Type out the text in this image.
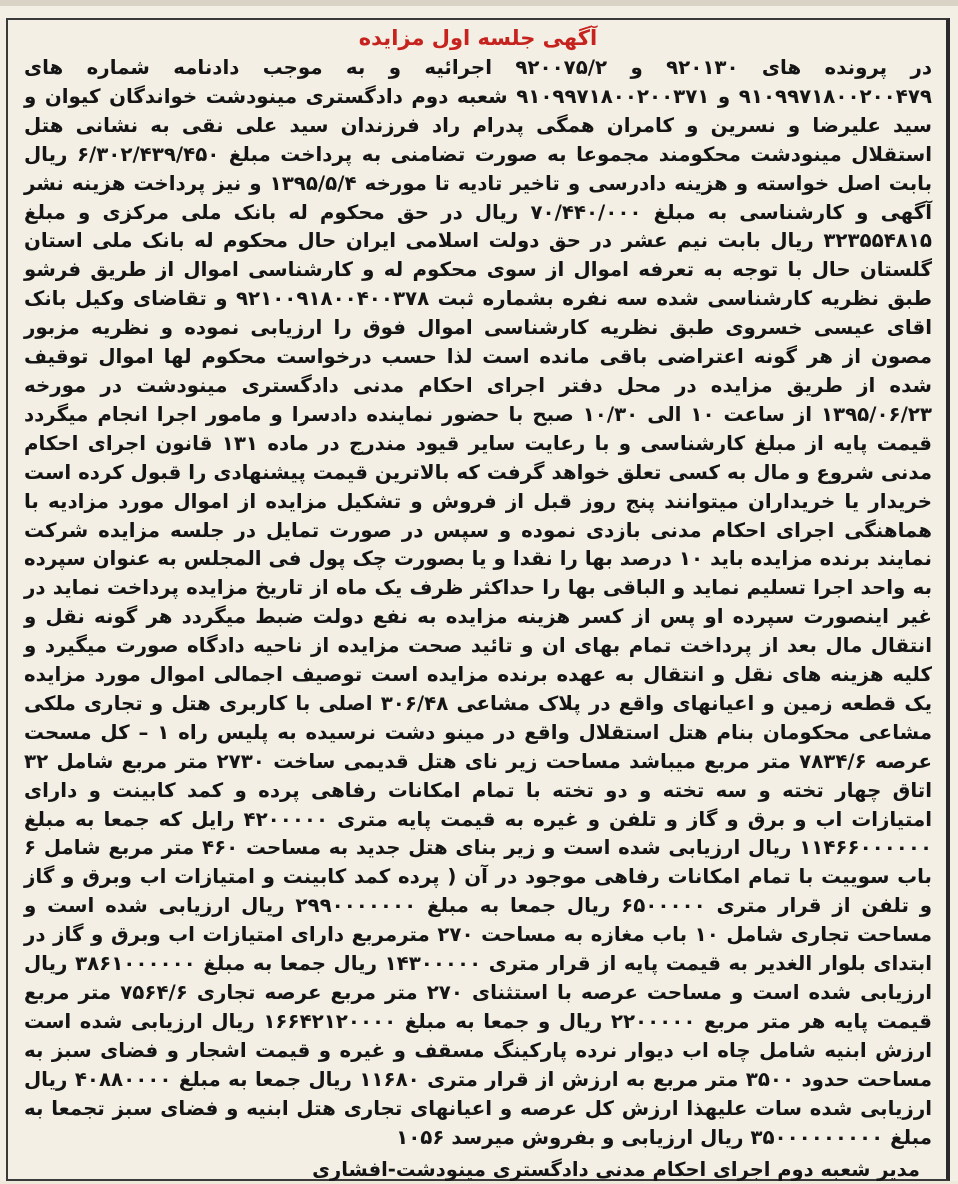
آگهی جلسه اول مزایده

در پرونده های ۹۲۰۱۳۰ و ۹۲۰۰۷۵/۲ اجرائیه و به موجب دادنامه شماره های ۹۱۰۹۹۷۱۸۰۰۲۰۰۴۷۹ و ۹۱۰۹۹۷۱۸۰۰۲۰۰۳۷۱ شعبه دوم دادگستری مینودشت خواندگان کیوان و سید علیرضا و نسرین و کامران همگی پدرام راد فرزندان سید علی نقی به نشانی هتل استقلال مینودشت محکومند مجموعا به صورت تضامنی به پرداخت مبلغ ۶/۳۰۲/۴۳۹/۴۵۰ ریال بابت اصل خواسته و هزینه دادرسی و تاخیر تادیه تا مورخه ۱۳۹۵/۵/۴ و نیز پرداخت هزینه نشر آگهی و کارشناسی به مبلغ ۷۰/۴۴۰/۰۰۰ ریال در حق محکوم له بانک ملی مرکزی و مبلغ ۳۲۳۵۵۴۸۱۵ ریال بابت نیم عشر در حق دولت اسلامی ایران حال محکوم له بانک ملی استان گلستان حال با توجه به تعرفه اموال از سوی محکوم له و کارشناسی اموال از طریق فرشو طبق نظریه کارشناسی شده سه نفره بشماره ثبت ۹۲۱۰۰۹۱۸۰۰۴۰۰۳۷۸ و تقاضای وکیل بانک اقای عیسی خسروی طبق نظریه کارشناسی اموال فوق را ارزیابی نموده و نظریه مزبور مصون از هر گونه اعتراضی باقی مانده است لذا حسب درخواست محکوم لها اموال توقیف شده از طریق مزایده در محل دفتر اجرای احکام مدنی دادگستری مینودشت در مورخه ۱۳۹۵/۰۶/۲۳ از ساعت ۱۰ الی ۱۰/۳۰ صبح با حضور نماینده دادسرا و مامور اجرا انجام میگردد قیمت پایه از مبلغ کارشناسی و با رعایت سایر قیود مندرج در ماده ۱۳۱ قانون اجرای احکام مدنی شروع و مال به کسی تعلق خواهد گرفت که بالاترین قیمت پیشنهادی را قبول کرده است خریدار یا خریداران میتوانند پنج روز قبل از فروش و تشکیل مزایده از اموال مورد مزادیه با هماهنگی اجرای احکام مدنی بازدی نموده و سپس در صورت تمایل در جلسه مزایده شرکت نمایند برنده مزایده باید ۱۰ درصد بها را نقدا و یا بصورت چک پول فی المجلس به عنوان سپرده به واحد اجرا تسلیم نماید و الباقی بها را حداکثر ظرف یک ماه از تاریخ مزایده پرداخت نماید در غیر اینصورت سپرده او پس از کسر هزینه مزایده به نفع دولت ضبط میگردد هر گونه نقل و انتقال مال بعد از پرداخت تمام بهای ان و تائید صحت مزایده از ناحیه دادگاه صورت میگیرد و کلیه هزینه های نقل و انتقال به عهده برنده مزایده است توصیف اجمالی اموال مورد مزایده یک قطعه زمین و اعیانهای واقع در پلاک مشاعی ۳۰۶/۴۸ اصلی با کاربری هتل و تجاری ملکی مشاعی محکومان بنام هتل استقلال واقع در مینو دشت نرسیده به پلیس راه ۱ – کل مسحت عرصه ۷۸۳۴/۶ متر مربع میباشد مساحت زیر نای هتل قدیمی ساخت ۲۷۳۰ متر مربع شامل ۳۲ اتاق چهار تخته و سه تخته و دو تخته با تمام امکانات رفاهی پرده و کمد کابینت و دارای امتیازات اب و برق و گاز و تلفن و غیره به قیمت پایه متری ۴۲۰۰۰۰۰ رایل که جمعا به مبلغ ۱۱۴۶۶۰۰۰۰۰۰ ریال ارزیابی شده است و زیر بنای هتل جدید به مساحت ۴۶۰ متر مربع شامل ۶ باب سوییت با تمام امکانات رفاهی موجود در آن ( پرده کمد کابینت و امتیازات اب وبرق و گاز و تلفن از قرار متری ۶۵۰۰۰۰۰ ریال جمعا به مبلغ ۲۹۹۰۰۰۰۰۰۰ ریال ارزیابی شده است و مساحت تجاری شامل ۱۰ باب مغازه به مساحت ۲۷۰ مترمربع دارای امتیازات اب وبرق و گاز در ابتدای بلوار الغدیر به قیمت پایه از قرار متری ۱۴۳۰۰۰۰۰ ریال جمعا به مبلغ ۳۸۶۱۰۰۰۰۰۰ ریال ارزیابی شده است و مساحت عرصه با استثنای ۲۷۰ متر مربع عرصه تجاری ۷۵۶۴/۶ متر مربع قیمت پایه هر متر مربع ۲۲۰۰۰۰۰ ریال و جمعا به مبلغ ۱۶۶۴۲۱۲۰۰۰۰ ریال ارزیابی شده است ارزش ابنیه شامل چاه اب دیوار نرده پارکینگ مسقف و غیره و قیمت اشجار و فضای سبز به مساحت حدود ۳۵۰۰ متر مربع به ارزش از قرار متری ۱۱۶۸۰ ریال جمعا به مبلغ ۴۰۸۸۰۰۰۰ ریال ارزیابی شده سات علیهذا ارزش کل عرصه و اعیانهای تجاری هتل ابنیه و فضای سبز تجمعا به مبلغ ۳۵۰۰۰۰۰۰۰۰۰ ریال ارزیابی و بفروش میرسد ۱۰۵۶

مدیر شعبه دوم اجرای احکام مدنی دادگستری مینودشت-افشاری
